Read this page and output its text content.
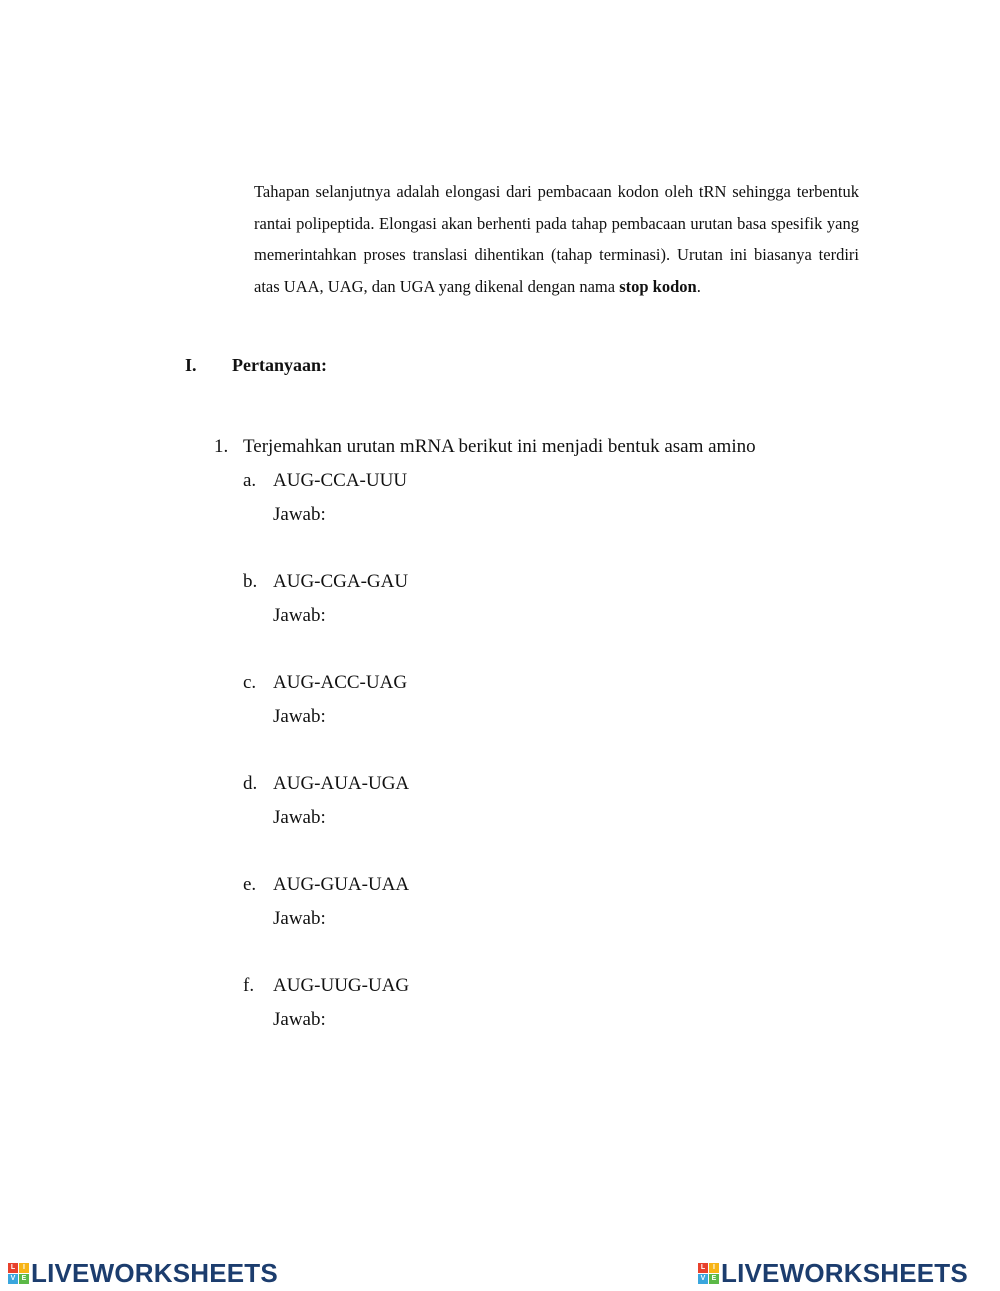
Tahapan selanjutnya adalah elongasi dari pembacaan kodon oleh tRN sehingga terbentuk rantai polipeptida. Elongasi akan berhenti pada tahap pembacaan urutan basa spesifik yang memerintahkan proses translasi dihentikan (tahap terminasi). Urutan ini biasanya terdiri atas UAA, UAG, dan UGA yang dikenal dengan nama stop kodon.

I. Pertanyaan:
1. Terjemahkan urutan mRNA berikut ini menjadi bentuk asam amino
a. AUG-CCA-UUU
Jawab:
b. AUG-CGA-GAU
Jawab:
c. AUG-ACC-UAG
Jawab:
d. AUG-AUA-UGA
Jawab:
e. AUG-GUA-UAA
Jawab:
f. AUG-UUG-UAG
Jawab:
L	I
V E LIVEWORKSHEETS	L	I
V E LIVEWORKSHEETS
